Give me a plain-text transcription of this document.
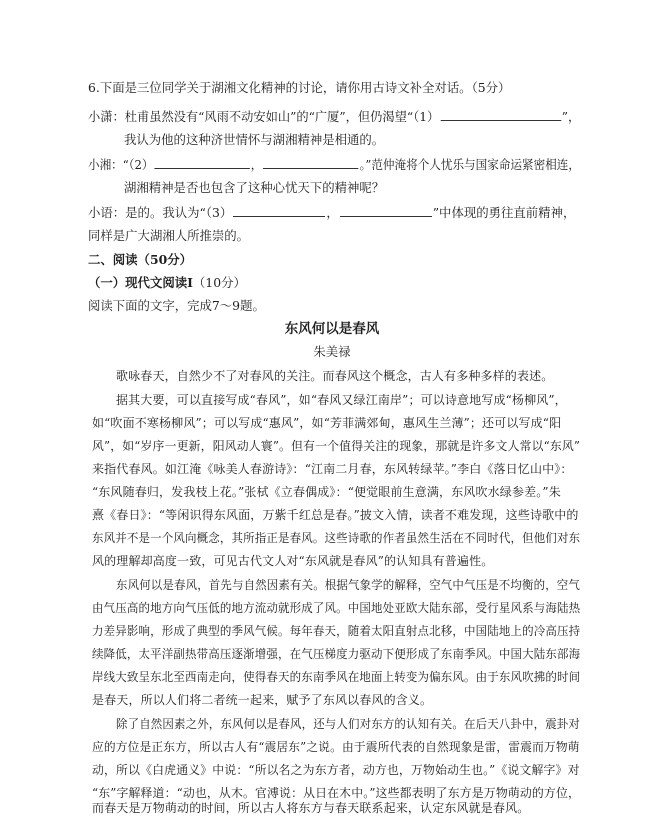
6.下面是三位同学关于湖湘文化精神的讨论，请你用古诗文补全对话。（5分）
小潇：杜甫虽然没有“风雨不动安如山”的“广厦”，但仍渴望“（1）	”，
我认为他的这种济世情怀与湖湘精神是相通的。
小湘：“（2）	，	。”范仲淹将个人忧乐与国家命运紧密相连，
湖湘精神是否也包含了这种心忧天下的精神呢？
小语：是的。我认为“（3）	，	”中体现的勇往直前精神，
同样是广大湖湘人所推崇的。
二、阅读（50分）
（一）现代文阅读Ⅰ（10分）
阅读下面的文字，完成7～9题。
东风何以是春风
朱美禄
歌咏春天，自然少不了对春风的关注。而春风这个概念，古人有多种多样的表述。
据其大要，可以直接写成“春风”，如“春风又绿江南岸”；可以诗意地写成“杨柳风”，
如“吹面不寒杨柳风”；可以写成“惠风”，如“芳菲满郊甸，惠风生兰薄”；还可以写成“阳
风”，如“岁序一更新，阳风动人寰”。但有一个值得关注的现象，那就是许多文人常以“东风”
来指代春风。如江淹《咏美人春游诗》：“江南二月春，东风转绿苹。”李白《落日忆山中》：
“东风随春归，发我枝上花。”张栻《立春偶成》：“便觉眼前生意满，东风吹水绿参差。”朱
熹《春日》：“等闲识得东风面，万紫千红总是春。”披文入情，读者不难发现，这些诗歌中的
东风并不是一个风向概念，其所指正是春风。这些诗歌的作者虽然生活在不同时代，但他们对东
风的理解却高度一致，可见古代文人对“东风就是春风”的认知具有普遍性。
东风何以是春风，首先与自然因素有关。根据气象学的解释，空气中气压是不均衡的，空气
由气压高的地方向气压低的地方流动就形成了风。中国地处亚欧大陆东部，受行星风系与海陆热
力差异影响，形成了典型的季风气候。每年春天，随着太阳直射点北移，中国陆地上的冷高压持
续降低，太平洋副热带高压逐渐增强，在气压梯度力驱动下便形成了东南季风。中国大陆东部海
岸线大致呈东北至西南走向，使得春天的东南季风在地面上转变为偏东风。由于东风吹拂的时间
是春天，所以人们将二者统一起来，赋予了东风以春风的含义。
除了自然因素之外，东风何以是春风，还与人们对东方的认知有关。在后天八卦中，震卦对
应的方位是正东方，所以古人有“震居东”之说。由于震所代表的自然现象是雷，雷震而万物萌
动，所以《白虎通义》中说：“所以名之为东方者，动方也，万物始动生也。”《说文解字》对
“东”字解释道：“动也，从木。官溥说：从日在木中。”这些都表明了东方是万物萌动的方位，
而春天是万物萌动的时间，所以古人将东方与春天联系起来，认定东风就是春风。
